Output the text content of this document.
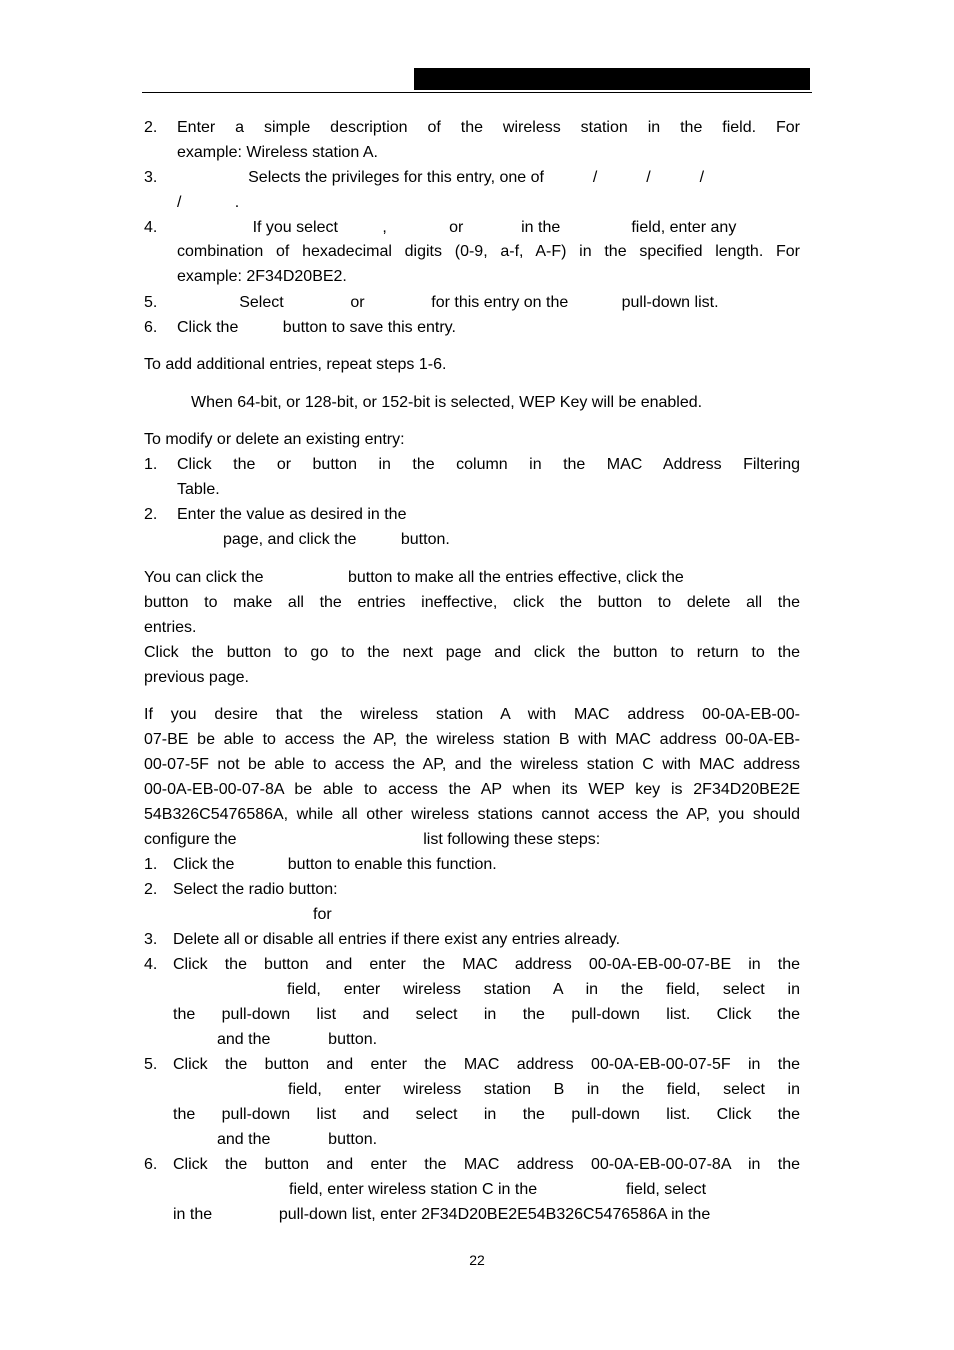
2. Enter a simple description of the wireless station in the field. For
example: Wireless station A.
3. Selects the privileges for this entry, one of           /           /           /
/            .
4. If you select          ,              or             in the                field, enter any
combination of hexadecimal digits (0-9, a-f, A-F) in the specified length. For
example: 2F34D20BE2.
5. Select               or               for this entry on the            pull-down list.
6. Click the          button to save this entry.
To add additional entries, repeat steps 1-6.
When 64-bit, or 128-bit, or 152-bit is selected, WEP Key will be enabled.
To modify or delete an existing entry:
1. Click the or button in the column in the MAC Address Filtering
Table.
2. Enter the value as desired in the
page, and click the          button.
You can click the                   button to make all the entries effective, click the
button to make all the entries ineffective, click the button to delete all the
entries.
Click the button to go to the next page and click the button to return to the
previous page.
If you desire that the wireless station A with MAC address 00-0A-EB-00-
07-BE be able to access the AP, the wireless station B with MAC address 00-0A-EB-
00-07-5F not be able to access the AP, and the wireless station C with MAC address
00-0A-EB-00-07-8A be able to access the AP when its WEP key is 2F34D20BE2E
54B326C5476586A, while all other wireless stations cannot access the AP, you should
configure the                                          list following these steps:
1. Click the            button to enable this function.
2. Select the radio button:
for
3. Delete all or disable all entries if there exist any entries already.
4. Click the button and enter the MAC address 00-0A-EB-00-07-BE in the
field, enter wireless station A in the field, select in
the pull-down list and select in the pull-down list. Click the
and the             button.
5. Click the button and enter the MAC address 00-0A-EB-00-07-5F in the
field, enter wireless station B in the field, select in
the pull-down list and select in the pull-down list. Click the
and the             button.
6. Click the button and enter the MAC address 00-0A-EB-00-07-8A in the
field, enter wireless station C in the                    field, select
in the               pull-down list, enter 2F34D20BE2E54B326C5476586A in the
22
